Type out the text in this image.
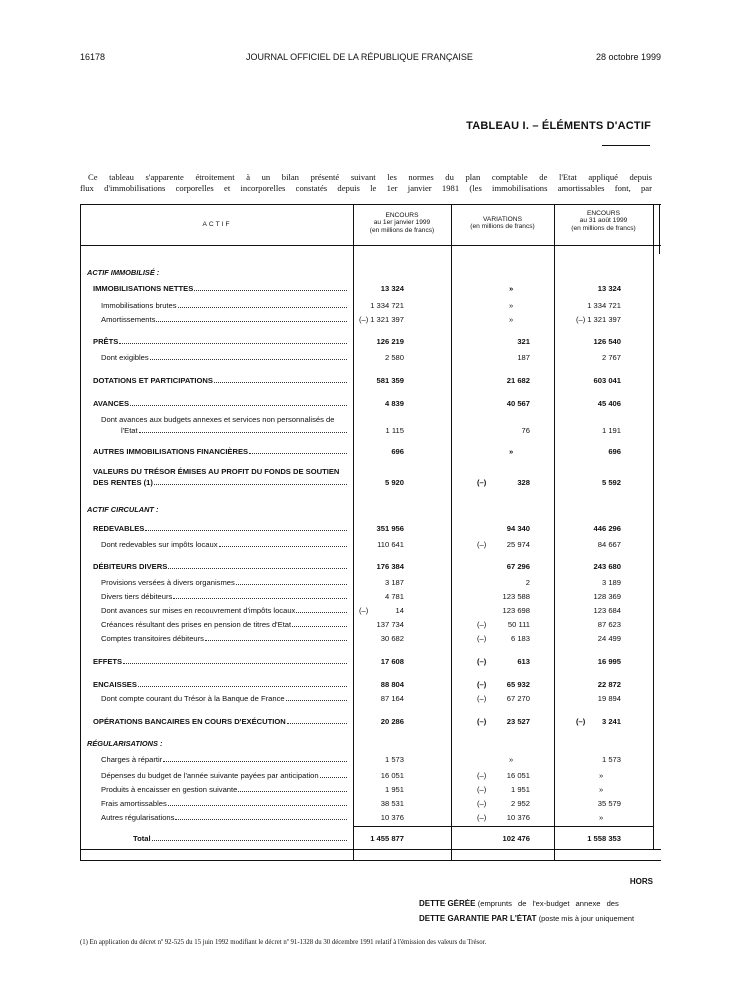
16178	JOURNAL OFFICIEL DE LA RÉPUBLIQUE FRANÇAISE	28 octobre 1999
TABLEAU I. – ÉLÉMENTS D'ACTIF
Ce tableau s'apparente étroitement à un bilan présenté suivant les normes du plan comptable de l'Etat appliqué depuis
flux d'immobilisations corporelles et incorporelles constatés depuis le 1er janvier 1981 (les immobilisations amortissables font, par
ACTIF
ENCOURS
au 1er janvier 1999
(en millions de francs)
VARIATIONS
(en millions de francs)
ENCOURS
au 31 août 1999
(en millions de francs)
ACTIF IMMOBILISÉ :
IMMOBILISATIONS NETTES	13 324	»	13 324
Immobilisations brutes	1 334 721	»	1 334 721
Amortissements	(–) 1 321 397	»	(–) 1 321 397
PRÊTS	126 219	321	126 540
Dont exigibles	2 580	187	2 767
DOTATIONS ET PARTICIPATIONS	581 359	21 682	603 041
AVANCES	4 839	40 567	45 406
Dont avances aux budgets annexes et services non personnalisés de
l'Etat	1 115	76	1 191
AUTRES IMMOBILISATIONS FINANCIÈRES	696	»	696
VALEURS DU TRÉSOR ÉMISES AU PROFIT DU FONDS DE SOUTIEN
DES RENTES (1)	5 920	(–)	328	5 592
ACTIF CIRCULANT :
REDEVABLES	351 956	94 340	446 296
Dont redevables sur impôts locaux	110 641	(–)	25 974	84 667
DÉBITEURS DIVERS	176 384	67 296	243 680
Provisions versées à divers organismes	3 187	2	3 189
Divers tiers débiteurs	4 781	123 588	128 369
Dont avances sur mises en recouvrement d'impôts locaux	(–)	14	123 698	123 684
Créances résultant des prises en pension de titres d'Etat	137 734	(–)	50 111	87 623
Comptes transitoires débiteurs	30 682	(–)	6 183	24 499
EFFETS	17 608	(–)	613	16 995
ENCAISSES	88 804	(–)	65 932	22 872
Dont compte courant du Trésor à la Banque de France	87 164	(–)	67 270	19 894
OPÉRATIONS BANCAIRES EN COURS D'EXÉCUTION	20 286	(–)	23 527	(–) 3 241
RÉGULARISATIONS :
Charges à répartir	1 573	»	1 573
Dépenses du budget de l'année suivante payées par anticipation	16 051	(–)	16 051	»
Produits à encaisser en gestion suivante	1 951	(–)	1 951	»
Frais amortissables	38 531	(–)	2 952	35 579
Autres régularisations	10 376	(–)	10 376	»
Total	1 455 877	102 476	1 558 353
HORS
DETTE GÉRÉE (emprunts de l'ex-budget annexe des
DETTE GARANTIE PAR L'ÉTAT (poste mis à jour uniquement
(1) En application du décret nº 92-525 du 15 juin 1992 modifiant le décret nº 91-1328 du 30 décembre 1991 relatif à l'émission des valeurs du Trésor.
